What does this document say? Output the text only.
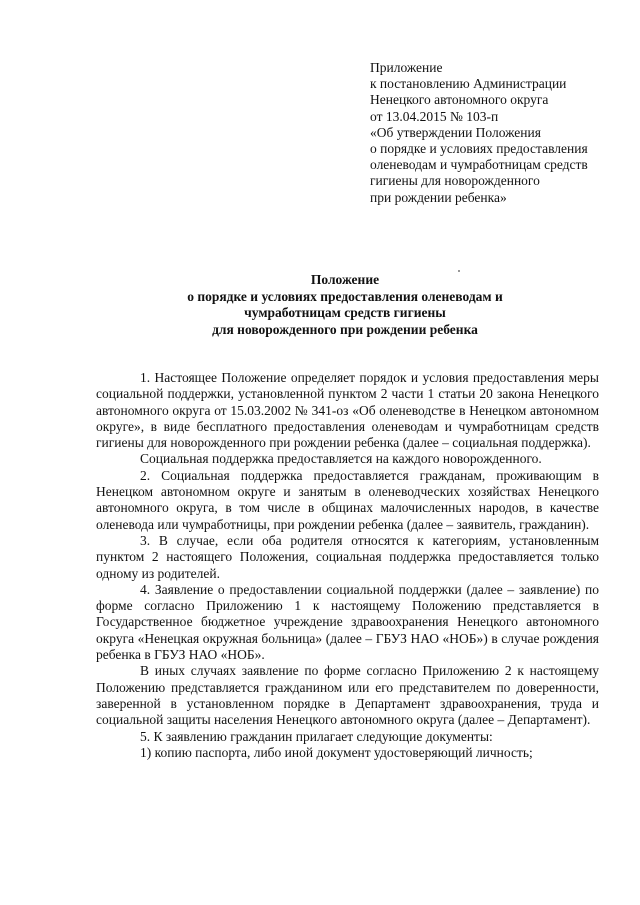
Приложение
к постановлению Администрации
Ненецкого автономного округа
от 13.04.2015 № 103-п
«Об утверждении Положения
о порядке и условиях предоставления
оленеводам и чумработницам средств
гигиены для новорожденного
при рождении ребенка»
Положение
о порядке и условиях предоставления оленеводам и
чумработницам средств гигиены
для новорожденного при рождении ребенка

1. Настоящее Положение определяет порядок и условия предоставления меры социальной поддержки, установленной пунктом 2 части 1 статьи 20 закона Ненецкого автономного округа от 15.03.2002 № 341-оз «Об оленеводстве в Ненецком автономном округе», в виде бесплатного предоставления оленеводам и чумработницам средств гигиены для новорожденного при рождении ребенка (далее – социальная поддержка).

Социальная поддержка предоставляется на каждого новорожденного.

2. Социальная поддержка предоставляется гражданам, проживающим в Ненецком автономном округе и занятым в оленеводческих хозяйствах Ненецкого автономного округа, в том числе в общинах малочисленных народов, в качестве оленевода или чумработницы, при рождении ребенка (далее – заявитель, гражданин).

3. В случае, если оба родителя относятся к категориям, установленным пунктом 2 настоящего Положения, социальная поддержка предоставляется только одному из родителей.

4. Заявление о предоставлении социальной поддержки (далее – заявление) по форме согласно Приложению 1 к настоящему Положению представляется в Государственное бюджетное учреждение здравоохранения Ненецкого автономного округа «Ненецкая окружная больница» (далее – ГБУЗ НАО «НОБ») в случае рождения ребенка в ГБУЗ НАО «НОБ».

В иных случаях заявление по форме согласно Приложению 2 к настоящему Положению представляется гражданином или его представителем по доверенности, заверенной в установленном порядке в Департамент здравоохранения, труда и социальной защиты населения Ненецкого автономного округа (далее – Департамент).

5. К заявлению гражданин прилагает следующие документы:

1) копию паспорта, либо иной документ удостоверяющий личность;
